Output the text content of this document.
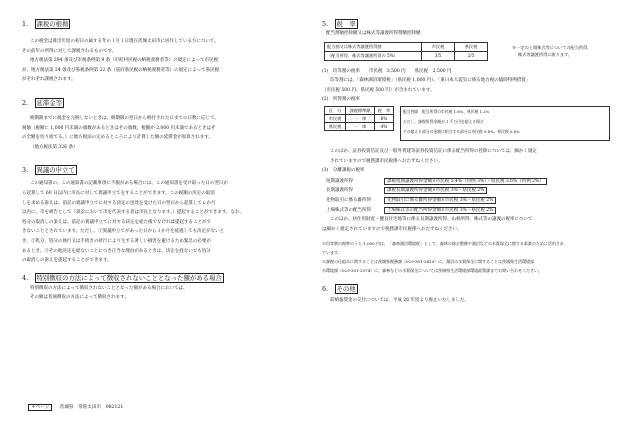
1.　 課税の根拠

この税金は算出年度の初日の属する年の１月１日現在茨城太田市に居住している方について、

その前年の所得に対して課税されるものです。

地方税法第 294 条及び市税条例第 9 条（市町村民税の納税義務者等）の規定によって市民税

が、地方税法第 24 条及び県税条例第 22 条（道府県民税の納税義務者等）の規定によって県民税

がそれぞれ課税されます。

2.　 延滞金等

納期限までに税金を完納しないときは、納期限の翌日から納付された日までの日数に応じて、

税額（税額に 1,000 円未満の端数があるときはその端数、税額が 2,000 円未満であるときはそ

の全額を切り捨てる。）に地方税法の定めるところにより計算した額の延滞金が加算されます。

（地方税法第 326 条）

3.　 異議の申立て

この通知書の、この通知書の記載事項に不服がある場合には、この通知書を受け取った日の翌日か

ら起算して 60 日以内に市長に対して異議申立てをすることができます。この税額の決定の取消

しを求める訴えは、前記の異議申立てに対する決定の送達を受けた日の翌日から起算して６か月

以内に、市を被告として（訴訟において市を代表する者は市長となります。）提起することができます。なお、

処分の取消しの訴えは、前記の異議申立てに対する決定を経た後でなければ提起することがで

きないこととされています。ただし、①異議申立てがあった日から３か月を経過しても決定がないと

き、②処分、処分の執行又は手続きの続行により生ずる著しい損害を避けるため緊急の必要が

あるとき、③その他決定を経ないことにつき正当な理由があるときは、決定を経ないでも処分

の取消しの訴えを提起することができます。

4.　 特別徴収の方法によって徴収されないこととなった額がある場合

特別徴収の方法によって徴収されないこととなった額がある場合においては、

その額は普通徴収の方法によって徴収されます。

４ページ 茨城県　常陸太田市　082121

5.　 税　率

配当割額控除額又は株式等譲渡所得割額控除額

配当割又は株式等譲渡所得割	市民税	県民税
（配当所得、株式等譲渡所得の 5%）	3/5	2/5
※一定の上場株式等についての配当所得、
株式等譲渡所得に限ります。

(1)　均等割の税率　　市民税　3,500 円　　県民税　2,500 円

均等割には、「森林湖沼環境税」（県民税 1,000 円）、「東日本大震災に係る地方税の臨時特例措置」

（市民税 500 円、県民税 500 円）が含まれています。

(2)　所得割の税率

区　分	課税標準額	税　率
市民税	一　律	6%
県民税	一　律	4%
配当控除　配当所得の市民税 1.6%、県民税 1.2%
ただし、課税所得金額が 1 千万円を超える場合
その超える部分の金額に相当する部分は市民税 0.8%、県民税 0.6%

このほか、証券投資信託及び一般外貨建等証券投資信託に係る配当所得の控除については、細かく規定

されていますので税務課市民税係へおたずねください。

(3)　分離課税の税率

短期譲渡所得	課税短期譲渡所得金額×市民税 5.4%（特例 3%）・県民税 3.6%（特例 2%）
長期譲渡所得	課税長期譲渡所得金額×市民税 3%・県民税 2%
先物取引に係る雑所得	先物取引に係る雑所得金額×市民税 3%・県民税 2%
上場株式等の配当所得	上場株式等の配当所得金額×市民税 3%・県民税 2%

このほか、居住用財産・優良住宅地等に係る長期譲渡所得、山林所得、株式等の譲渡の税率について

は細かく規定されていますので税務課市民税係へおたずねください。

※均等割の税率のうち 1,000 円は、「森林湖沼環境税」として、森林の保全整備や湖沼などの水質保全に関する事業のために活用され

ています。

※課税の仕組みに関することは茨城県税務課（029-301-2410）に、湖沼の水質保全に関することは茨城県生活環境部

水環境課（029-301-2974）に、森林などの水質保全については茨城県生活環境部環境政策課までお問い合わせください。

6.　 その他

前納報奨金の交付については、平成 26 年度より廃止いたしました。
